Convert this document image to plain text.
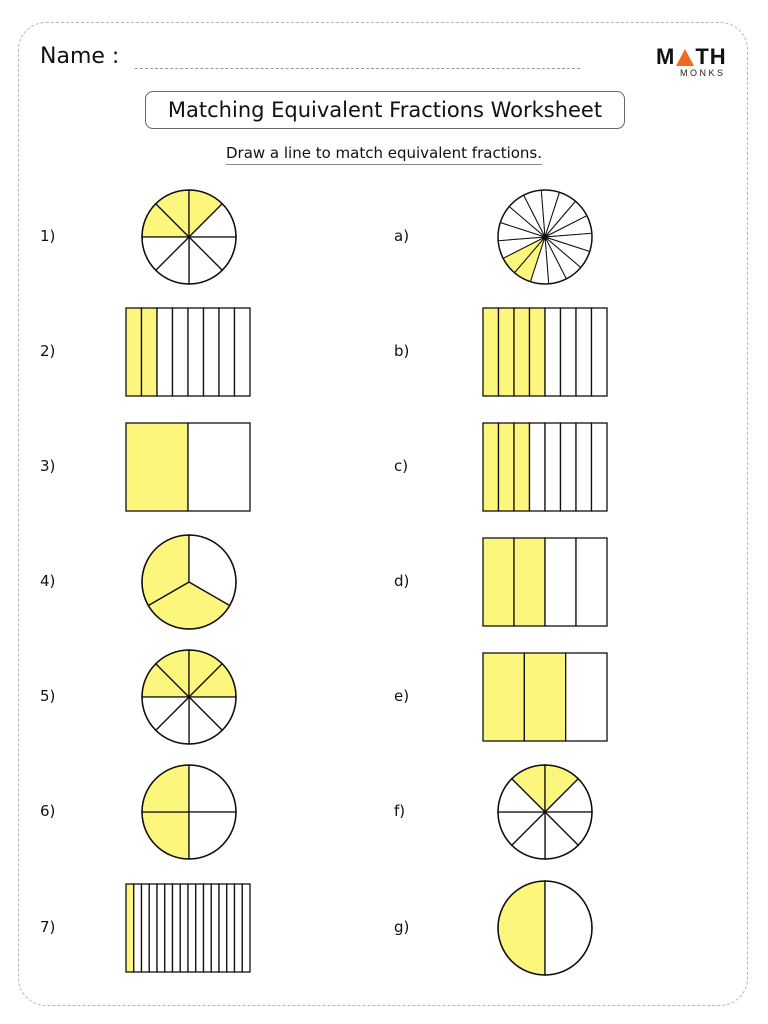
Name :	M TH
MONKS
Matching Equivalent Fractions Worksheet
Draw a line to match equivalent fractions.
1)
2)
3)
4)
5)
6)
7)
a)
b)
c)
d)
e)
f)
g)
